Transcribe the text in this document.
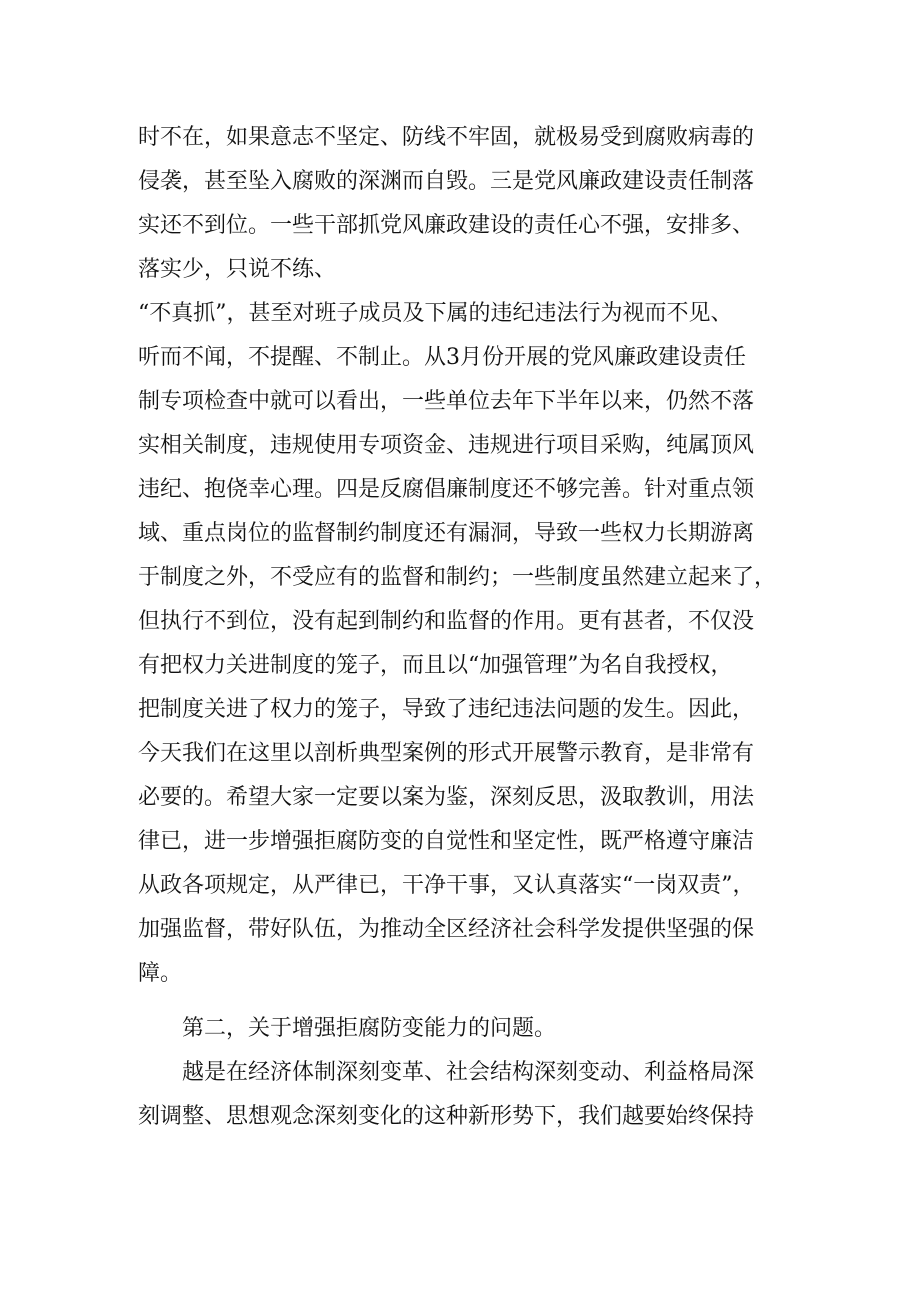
时不在，如果意志不坚定、防线不牢固，就极易受到腐败病毒的
侵袭，甚至坠入腐败的深渊而自毁。三是党风廉政建设责任制落
实还不到位。一些干部抓党风廉政建设的责任心不强，安排多、
落实少，只说不练、
“不真抓”，甚至对班子成员及下属的违纪违法行为视而不见、
听而不闻，不提醒、不制止。从3月份开展的党风廉政建设责任
制专项检查中就可以看出，一些单位去年下半年以来，仍然不落
实相关制度，违规使用专项资金、违规进行项目采购，纯属顶风
违纪、抱侥幸心理。四是反腐倡廉制度还不够完善。针对重点领
域、重点岗位的监督制约制度还有漏洞，导致一些权力长期游离
于制度之外，不受应有的监督和制约；一些制度虽然建立起来了，
但执行不到位，没有起到制约和监督的作用。更有甚者，不仅没
有把权力关进制度的笼子，而且以“加强管理”为名自我授权，
把制度关进了权力的笼子，导致了违纪违法问题的发生。因此，
今天我们在这里以剖析典型案例的形式开展警示教育，是非常有
必要的。希望大家一定要以案为鉴，深刻反思，汲取教训，用法
律已，进一步增强拒腐防变的自觉性和坚定性，既严格遵守廉洁
从政各项规定，从严律已，干净干事，又认真落实“一岗双责”，
加强监督，带好队伍，为推动全区经济社会科学发提供坚强的保
障。
第二，关于增强拒腐防变能力的问题。
越是在经济体制深刻变革、社会结构深刻变动、利益格局深
刻调整、思想观念深刻变化的这种新形势下，我们越要始终保持
